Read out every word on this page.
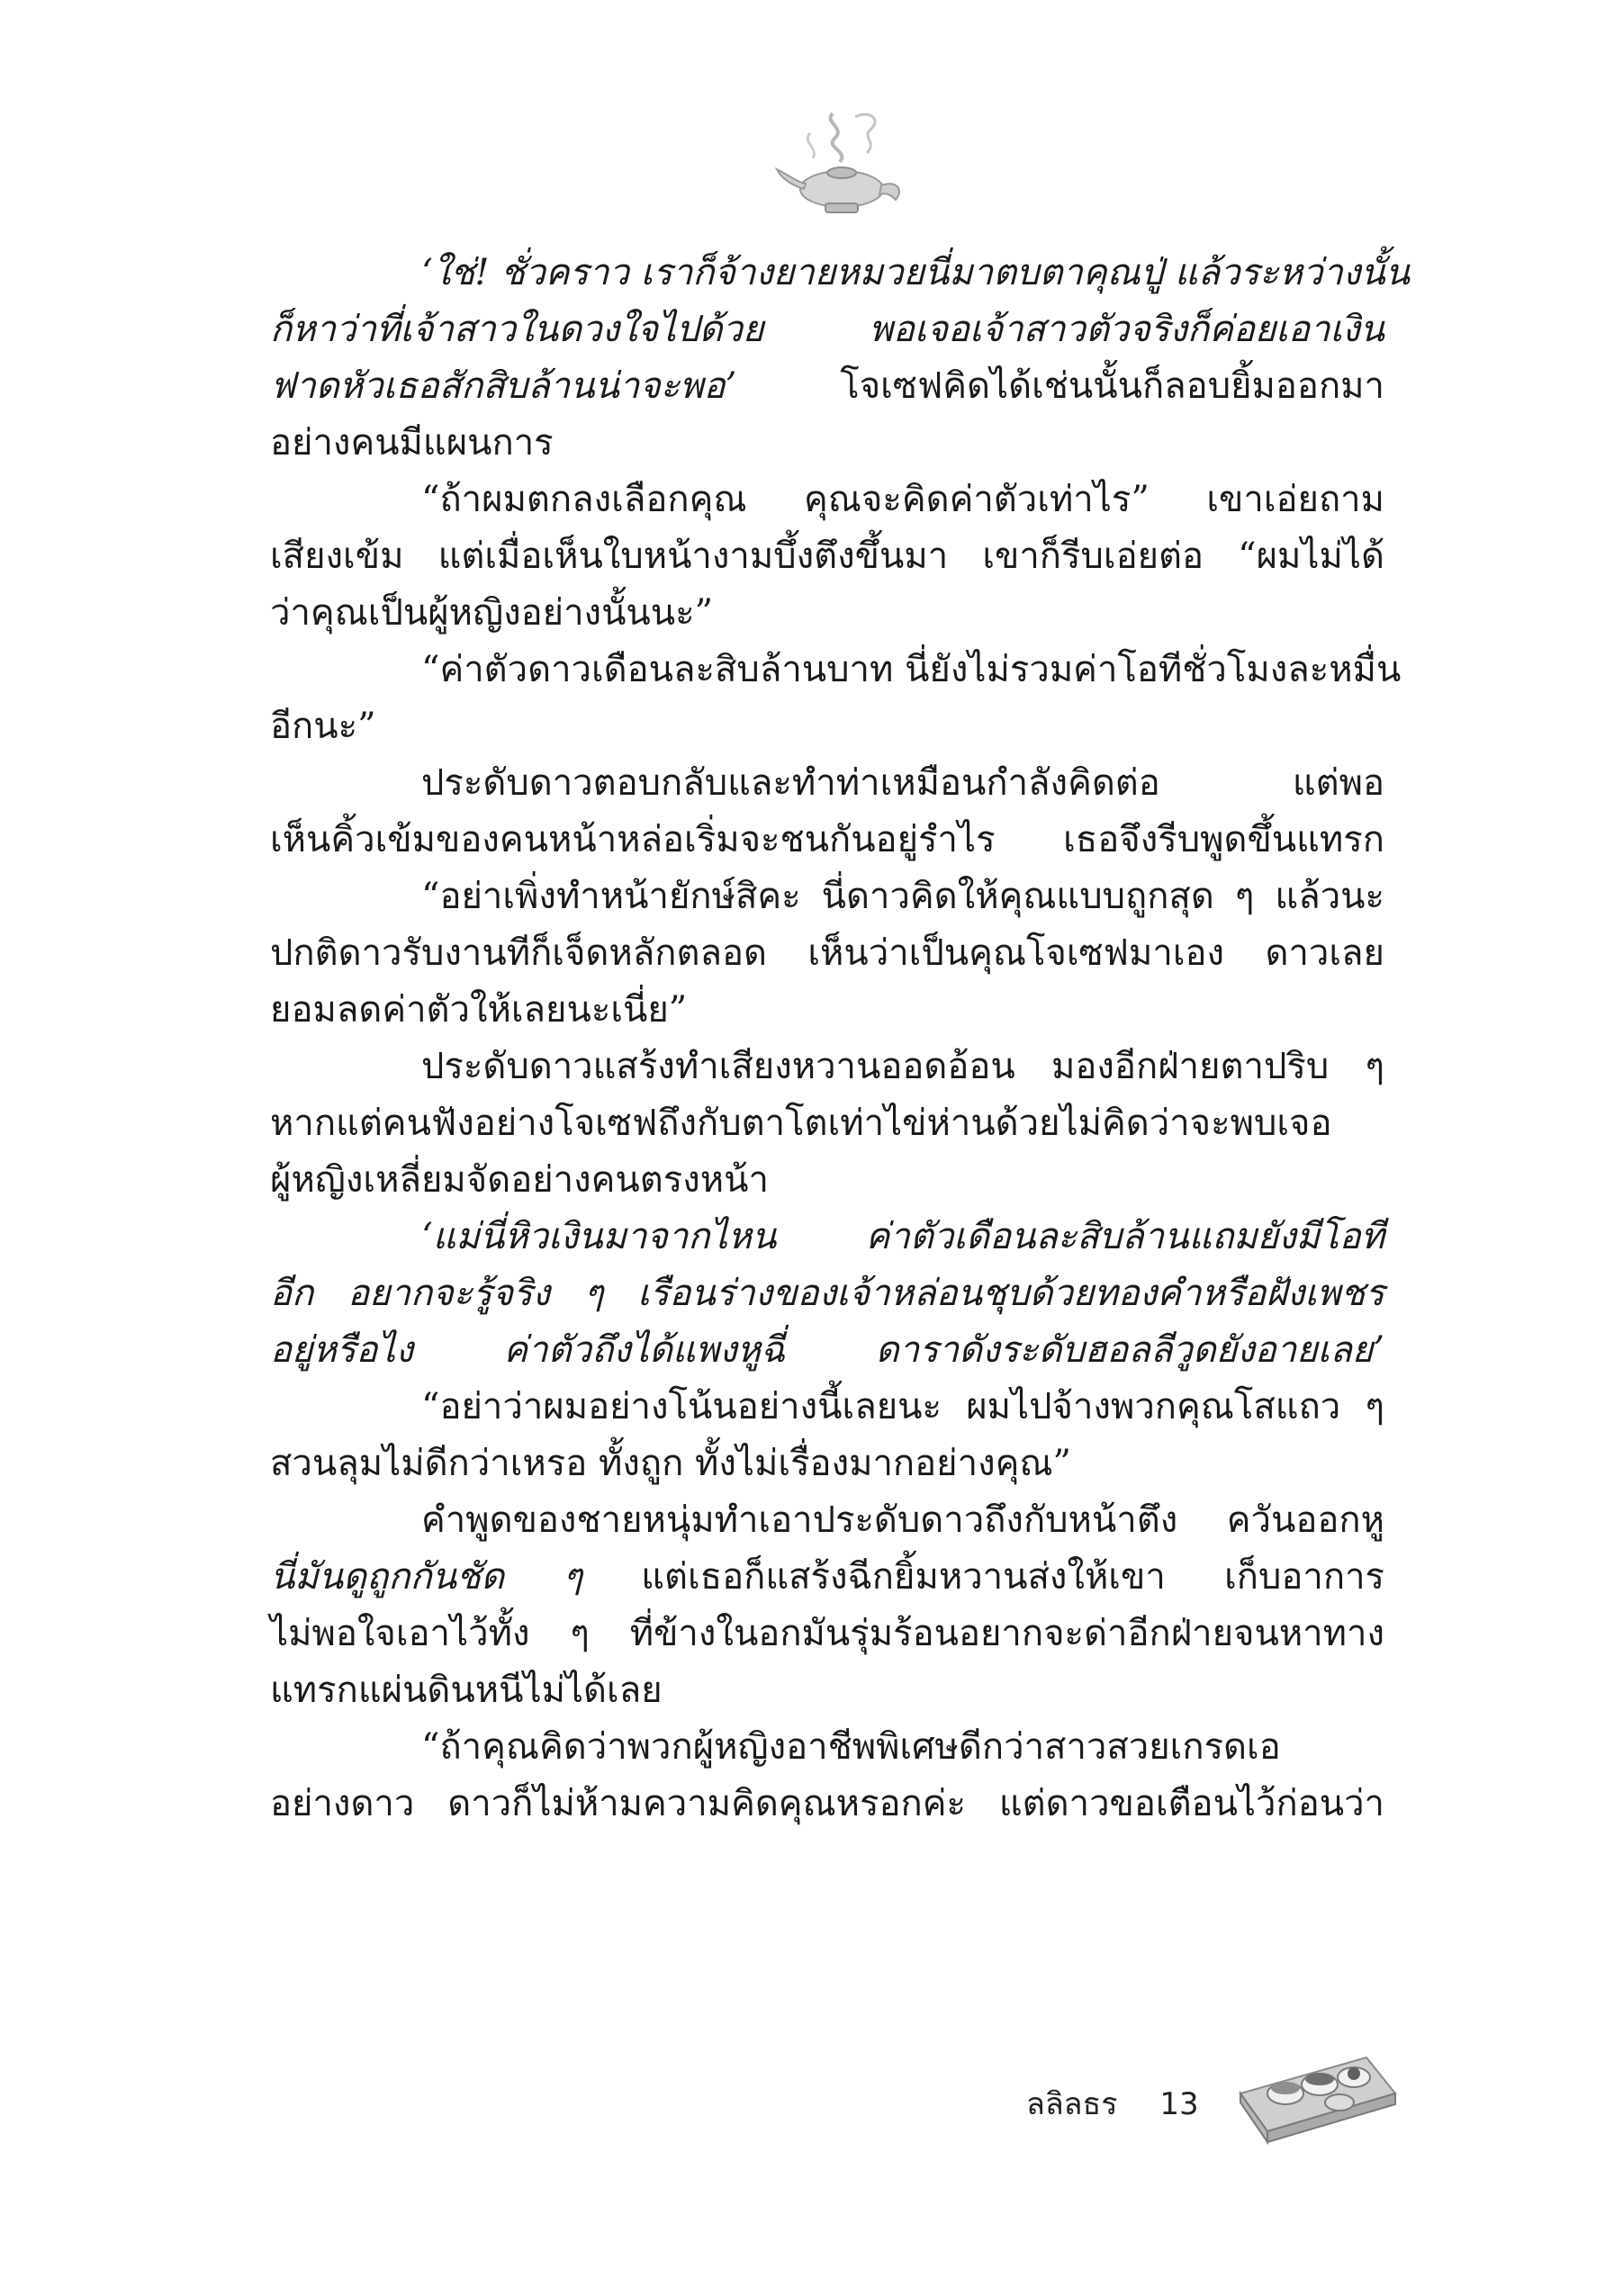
‘ใช่! ชั่วคราว เราก็จ้างยายหมวยนี่มาตบตาคุณปู่ แล้วระหว่างนั้น
ก็หาว่าที่เจ้าสาวในดวงใจไปด้วย พอเจอเจ้าสาวตัวจริงก็ค่อยเอาเงิน
ฟาดหัวเธอสักสิบล้านน่าจะพอ’	โจเซฟคิดได้เช่นนั้นก็ลอบยิ้มออกมา
อย่างคนมีแผนการ
“ถ้าผมตกลงเลือกคุณ คุณจะคิดค่าตัวเท่าไร” เขาเอ่ยถาม
เสียงเข้ม แต่เมื่อเห็นใบหน้างามบึ้งตึงขึ้นมา เขาก็รีบเอ่ยต่อ “ผมไม่ได้
ว่าคุณเป็นผู้หญิงอย่างนั้นนะ”
“ค่าตัวดาวเดือนละสิบล้านบาท นี่ยังไม่รวมค่าโอทีชั่วโมงละหมื่น
อีกนะ”
ประดับดาวตอบกลับและทำท่าเหมือนกำลังคิดต่อ แต่พอ
เห็นคิ้วเข้มของคนหน้าหล่อเริ่มจะชนกันอยู่รำไร เธอจึงรีบพูดขึ้นแทรก
“อย่าเพิ่งทำหน้ายักษ์สิคะ นี่ดาวคิดให้คุณแบบถูกสุด ๆ แล้วนะ
ปกติดาวรับงานทีก็เจ็ดหลักตลอด เห็นว่าเป็นคุณโจเซฟมาเอง ดาวเลย
ยอมลดค่าตัวให้เลยนะเนี่ย”
ประดับดาวแสร้งทำเสียงหวานออดอ้อน มองอีกฝ่ายตาปริบ ๆ
หากแต่คนฟังอย่างโจเซฟถึงกับตาโตเท่าไข่ห่านด้วยไม่คิดว่าจะพบเจอ
ผู้หญิงเหลี่ยมจัดอย่างคนตรงหน้า
‘แม่นี่หิวเงินมาจากไหน ค่าตัวเดือนละสิบล้านแถมยังมีโอที
อีก อยากจะรู้จริง ๆ เรือนร่างของเจ้าหล่อนชุบด้วยทองคำหรือฝังเพชร
อยู่หรือไง ค่าตัวถึงได้แพงหูฉี่ ดาราดังระดับฮอลลีวูดยังอายเลย’
“อย่าว่าผมอย่างโน้นอย่างนี้เลยนะ ผมไปจ้างพวกคุณโสแถว ๆ
สวนลุมไม่ดีกว่าเหรอ ทั้งถูก ทั้งไม่เรื่องมากอย่างคุณ”
คำพูดของชายหนุ่มทำเอาประดับดาวถึงกับหน้าตึง ควันออกหู
นี่มันดูถูกกันชัด ๆ แต่เธอก็แสร้งฉีกยิ้มหวานส่งให้เขา เก็บอาการ
ไม่พอใจเอาไว้ทั้ง ๆ ที่ข้างในอกมันรุ่มร้อนอยากจะด่าอีกฝ่ายจนหาทาง
แทรกแผ่นดินหนีไม่ได้เลย
“ถ้าคุณคิดว่าพวกผู้หญิงอาชีพพิเศษดีกว่าสาวสวยเกรดเอ
อย่างดาว ดาวก็ไม่ห้ามความคิดคุณหรอกค่ะ แต่ดาวขอเตือนไว้ก่อนว่า
ลลิลธร 13
